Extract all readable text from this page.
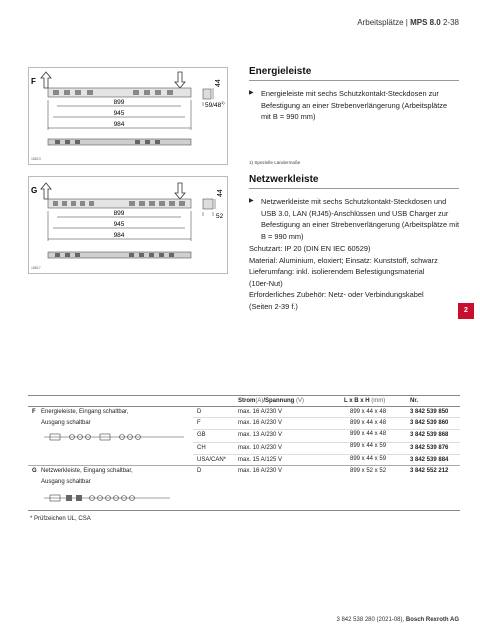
Arbeitsplätze | MPS 8.0 2-38
F	44
59/48 1)
899
945
984
18813
G	44
52
899
945
984
18817
Energieleiste
▶ Energieleiste mit sechs Schutzkontakt-Steckdosen zur Befestigung an einer Strebenverlängerung (Arbeitsplätze mit B = 990 mm)
1) Spezielle Ländermaße
Netzwerkleiste
▶ Netzwerkleiste mit sechs Schutzkontakt-Steckdosen und USB 3.0, LAN (RJ45)-Anschlüssen und USB Charger zur Befestigung an einer Strebenverlängerung (Arbeitsplätze mit B = 990 mm)
Schutzart: IP 20 (DIN EN IEC 60529)
Material: Aluminium, eloxiert; Einsatz: Kunststoff, schwarz
Lieferumfang: inkl. isolierendem Befestigungsmaterial
(10er-Nut)
Erforderliches Zubehör: Netz- oder Verbindungskabel
(Seiten 2-39 f.)	2
Strom(A)/Spannung (V)	L x B x H (mm)	Nr.
F Energieleiste, Eingang schaltbar,
Ausgang schaltbar
D	max. 16 A/230 V	899 x 44 x 48	3 842 539 850
F	max. 16 A/230 V	899 x 44 x 48	3 842 539 860
GB	max. 13 A/230 V	899 x 44 x 48	3 842 539 868
CH	max. 10 A/230 V	899 x 44 x 59	3 842 539 876
USA/CAN* max. 15 A/125 V	899 x 44 x 59	3 842 539 884
G Netzwerkleiste, Eingang schaltbar,
Ausgang schaltbar
D	max. 16 A/230 V	899 x 52 x 52	3 842 552 212
* Prüfzeichen UL, CSA
3 842 538 280 (2021-08), Bosch Rexroth AG
